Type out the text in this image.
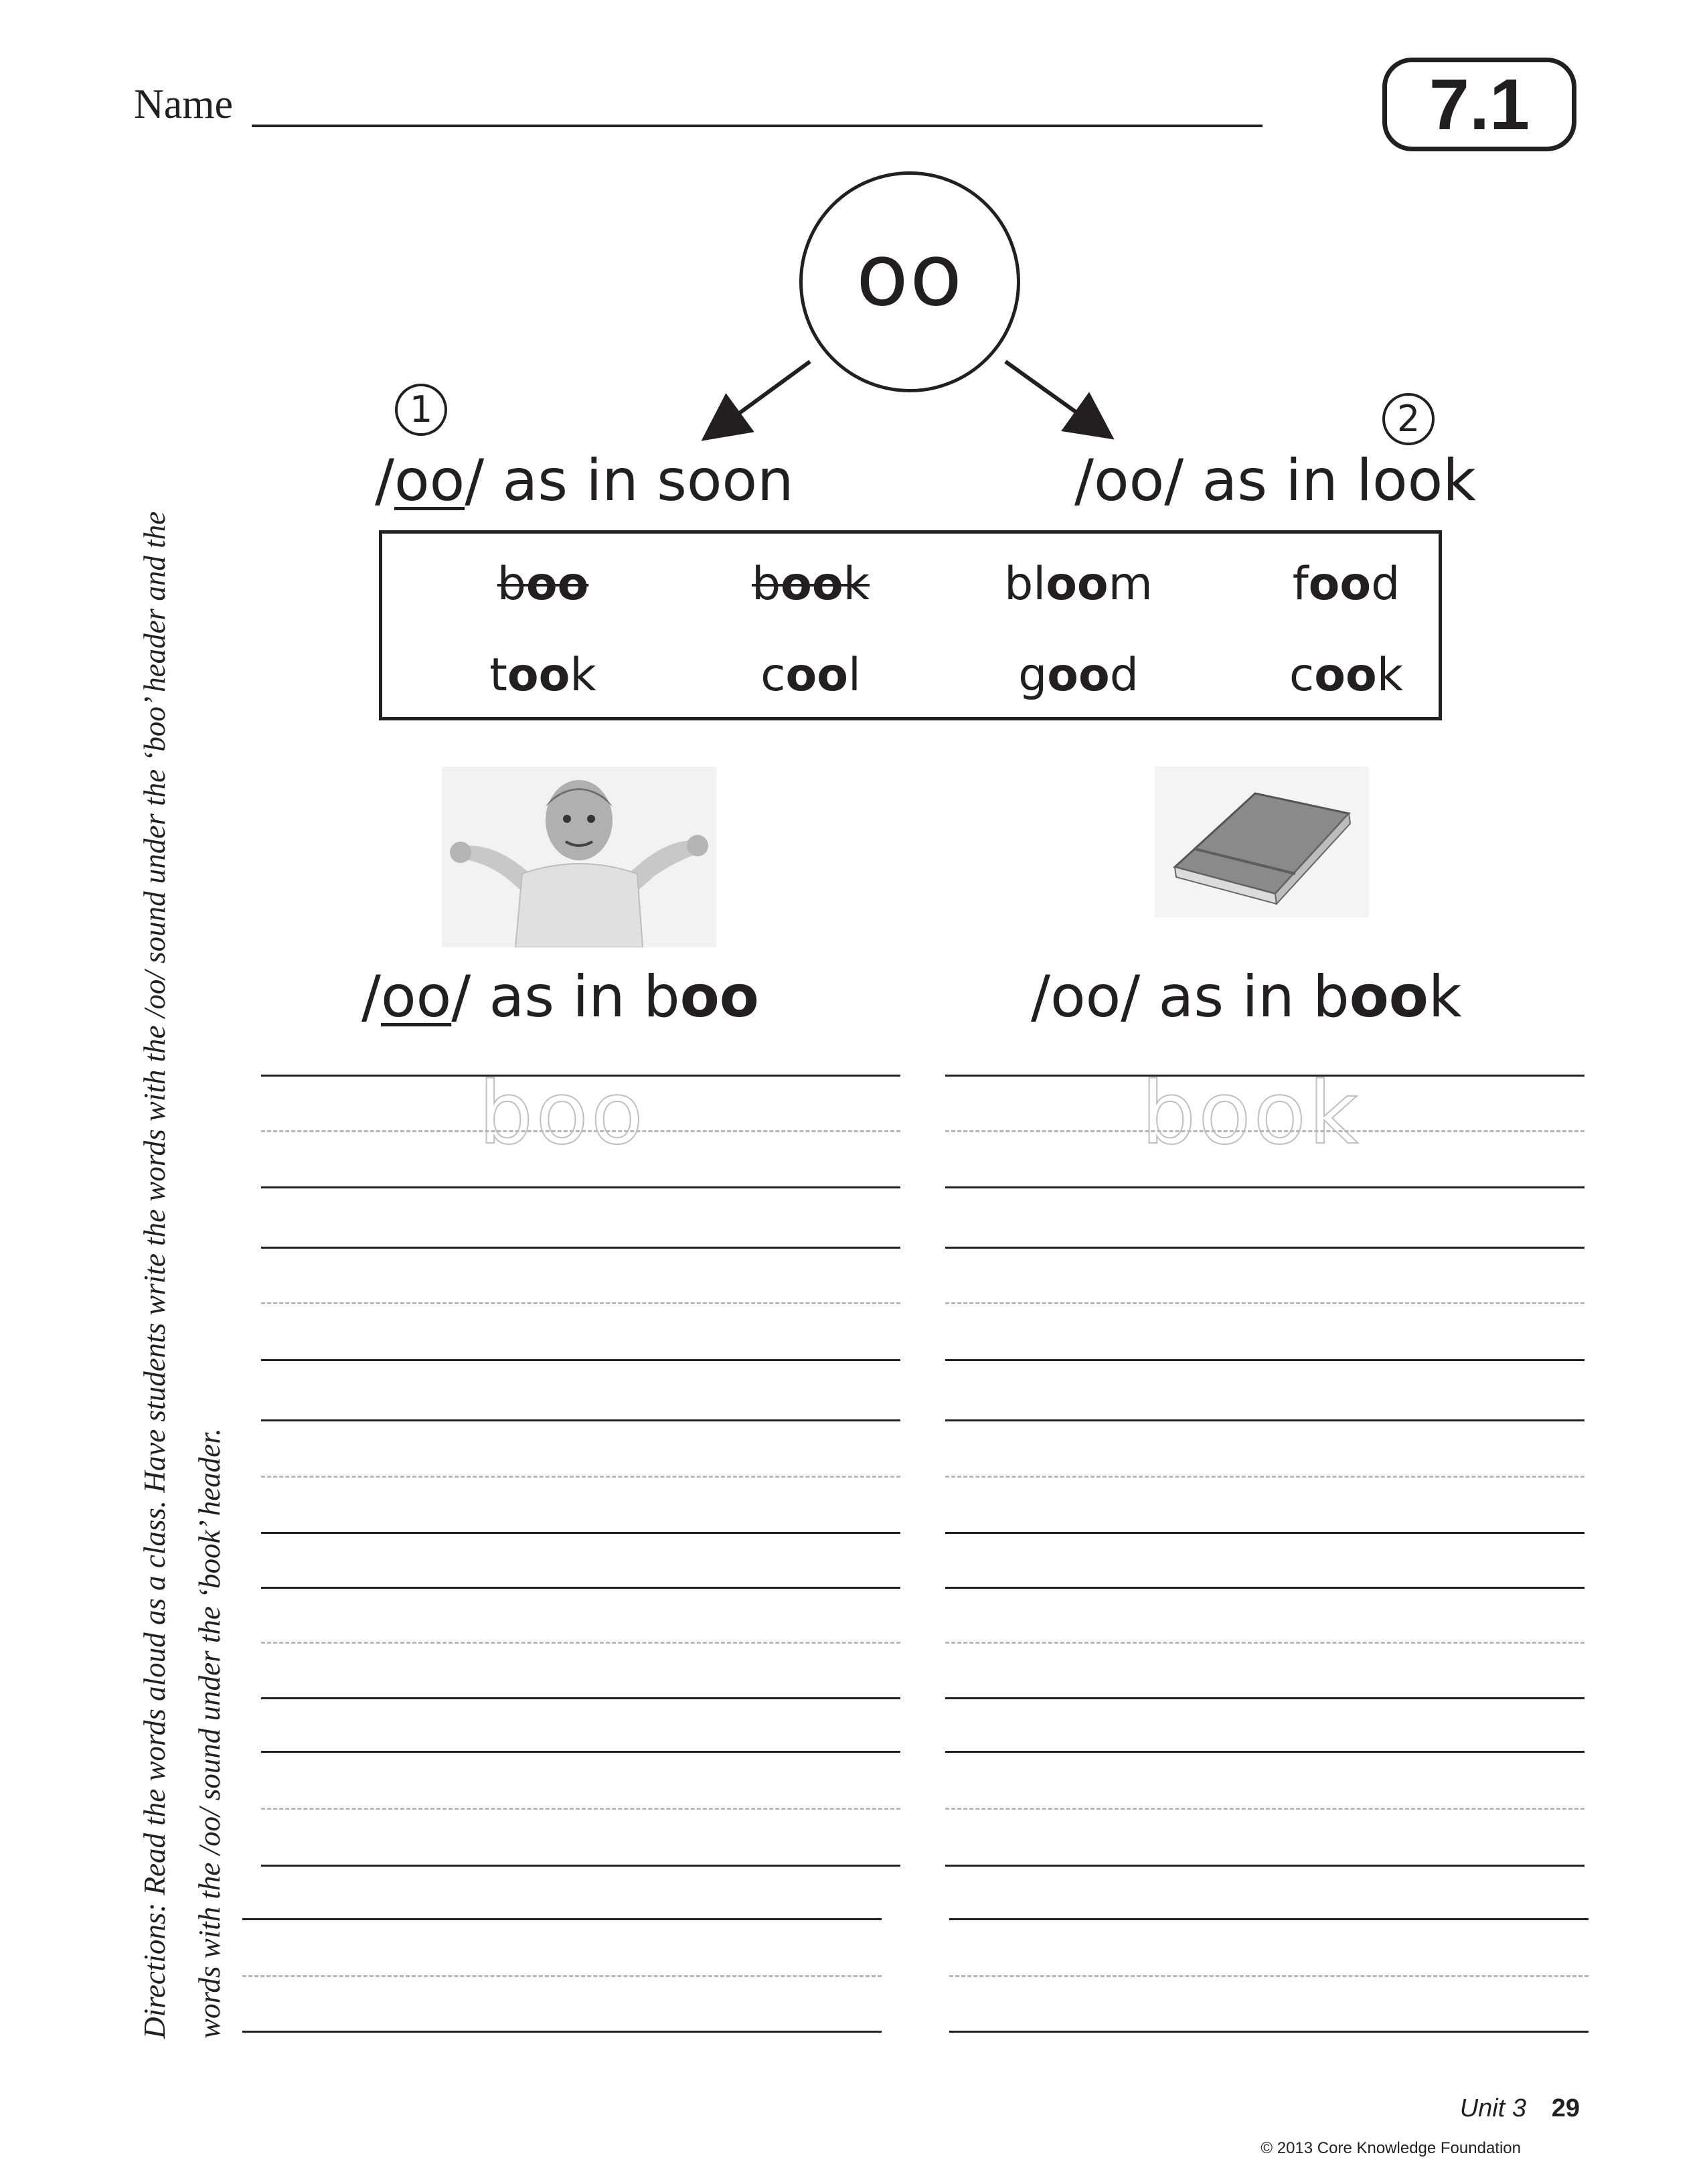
Name	7.1
oo
1
/oo/ as in soon
2
/oo/ as in look
boo	book	bloom	food
took	cool	good	cook
/oo/ as in boo	/oo/ as in book
boo	book
Directions: Read the words aloud as a class. Have students write the words with the /oo/ sound under the ‘boo’ header and the words with the /oo/ sound under the ‘book’ header.
Unit 3 29
© 2013 Core Knowledge Foundation
